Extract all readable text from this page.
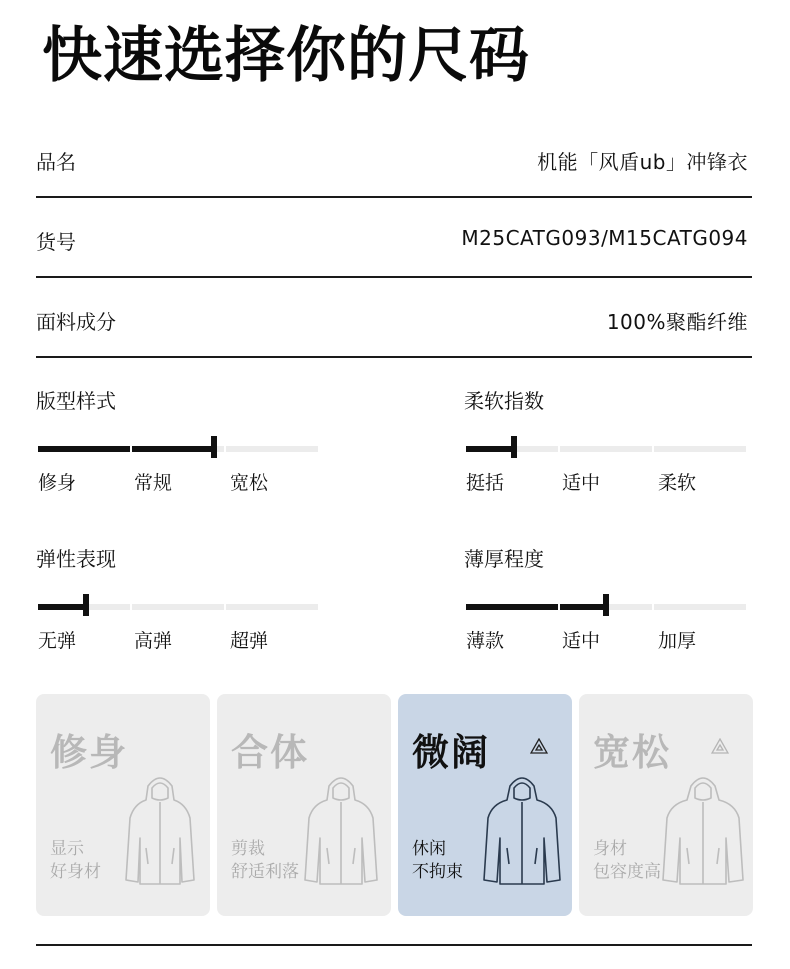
快速选择你的尺码
品名	机能「风盾ub」冲锋衣
货号	M25CATG093/M15CATG094
面料成分	100%聚酯纤维
版型样式
修身	常规	宽松
柔软指数
挺括	适中	柔软
弹性表现
无弹	高弹	超弹
薄厚程度
薄款	适中	加厚
修身
显示
好身材
合体
剪裁
舒适利落
微阔
休闲
不拘束
宽松
身材
包容度高
